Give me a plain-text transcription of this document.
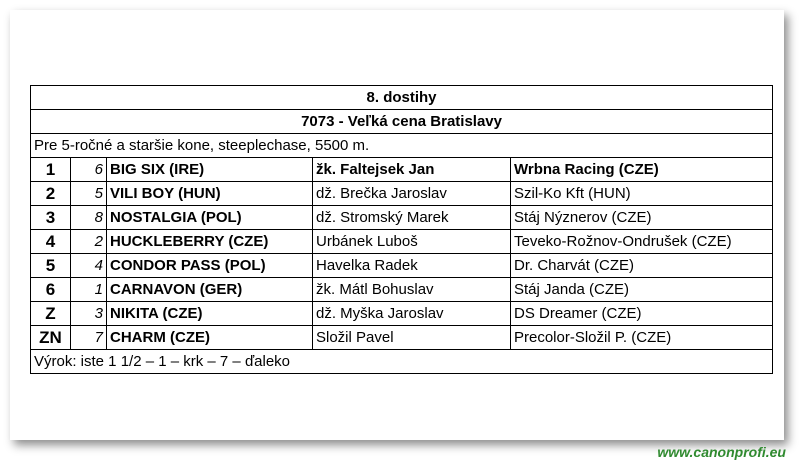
8. dostihy				
7073 - Veľká cena Bratislavy				
Pre 5-ročné a staršie kone, steeplechase, 5500 m.				
1	6	BIG SIX (IRE)	žk. Faltejsek Jan	Wrbna Racing (CZE)
2	5	VILI BOY (HUN)	dž. Brečka Jaroslav	Szil-Ko Kft (HUN)
3	8	NOSTALGIA (POL)	dž. Stromský Marek	Stáj Nýznerov (CZE)
4	2	HUCKLEBERRY (CZE)	Urbánek Luboš	Teveko-Rožnov-Ondrušek (CZE)
5	4	CONDOR PASS (POL)	Havelka Radek	Dr. Charvát (CZE)
6	1	CARNAVON (GER)	žk. Mátl Bohuslav	Stáj Janda (CZE)
Z	3	NIKITA (CZE)	dž. Myška Jaroslav	DS Dreamer (CZE)
ZN	7	CHARM (CZE)	Složil Pavel	Precolor-Složil P. (CZE)
Výrok: iste 1 1/2 – 1 – krk – 7 – ďaleko				
www.canonprofi.eu
